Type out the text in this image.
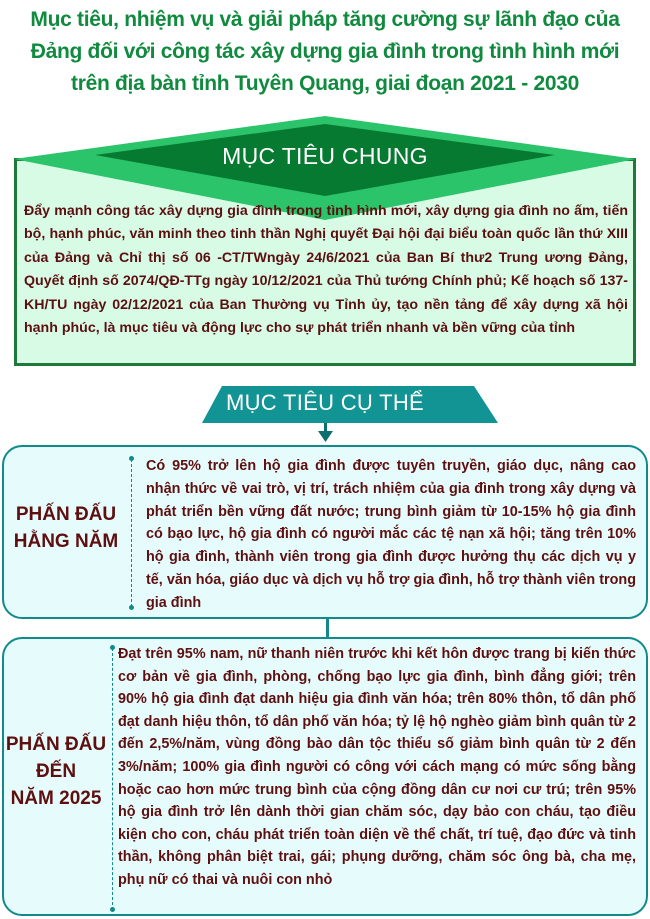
Mục tiêu, nhiệm vụ và giải pháp tăng cường sự lãnh đạo của
Đảng đối với công tác xây dựng gia đình trong tình hình mới
trên địa bàn tỉnh Tuyên Quang, giai đoạn 2021 - 2030
MỤC TIÊU CHUNG
Đẩy mạnh công tác xây dựng gia đình trong tình hình mới, xây dựng gia đình no ấm, tiến bộ, hạnh phúc, văn minh theo tinh thần Nghị quyết Đại hội đại biểu toàn quốc lần thứ XIII của Đảng và Chỉ thị số 06 -CT/TWngày 24/6/2021 của Ban Bí thư2 Trung ương Đảng, Quyết định số 2074/QĐ-TTg ngày 10/12/2021 của Thủ tướng Chính phủ; Kế hoạch số 137-KH/TU ngày 02/12/2021 của Ban Thường vụ Tỉnh ủy, tạo nền tảng để xây dựng xã hội hạnh phúc, là mục tiêu và động lực cho sự phát triển nhanh và bền vững của tỉnh
MỤC TIÊU CỤ THỂ
PHẤN ĐẤU
HẰNG NĂM
Có 95% trở lên hộ gia đình được tuyên truyền, giáo dục, nâng cao nhận thức về vai trò, vị trí, trách nhiệm của gia đình trong xây dựng và phát triển bền vững đất nước; trung bình giảm từ 10-15% hộ gia đình có bạo lực, hộ gia đình có người mắc các tệ nạn xã hội; tăng trên 10% hộ gia đình, thành viên trong gia đình được hưởng thụ các dịch vụ y tế, văn hóa, giáo dục và dịch vụ hỗ trợ gia đình, hỗ trợ thành viên trong gia đình
PHẤN ĐẤU
ĐẾN
NĂM 2025
Đạt trên 95% nam, nữ thanh niên trước khi kết hôn được trang bị kiến thức cơ bản về gia đình, phòng, chống bạo lực gia đình, bình đẳng giới; trên 90% hộ gia đình đạt danh hiệu gia đình văn hóa; trên 80% thôn, tổ dân phố đạt danh hiệu thôn, tổ dân phố văn hóa; tỷ lệ hộ nghèo giảm bình quân từ 2 đến 2,5%/năm, vùng đồng bào dân tộc thiểu số giảm bình quân từ 2 đến 3%/năm; 100% gia đình người có công với cách mạng có mức sống bằng hoặc cao hơn mức trung bình của cộng đồng dân cư nơi cư trú; trên 95% hộ gia đình trở lên dành thời gian chăm sóc, dạy bảo con cháu, tạo điều kiện cho con, cháu phát triển toàn diện về thể chất, trí tuệ, đạo đức và tinh thần, không phân biệt trai, gái; phụng dưỡng, chăm sóc ông bà, cha mẹ, phụ nữ có thai và nuôi con nhỏ
